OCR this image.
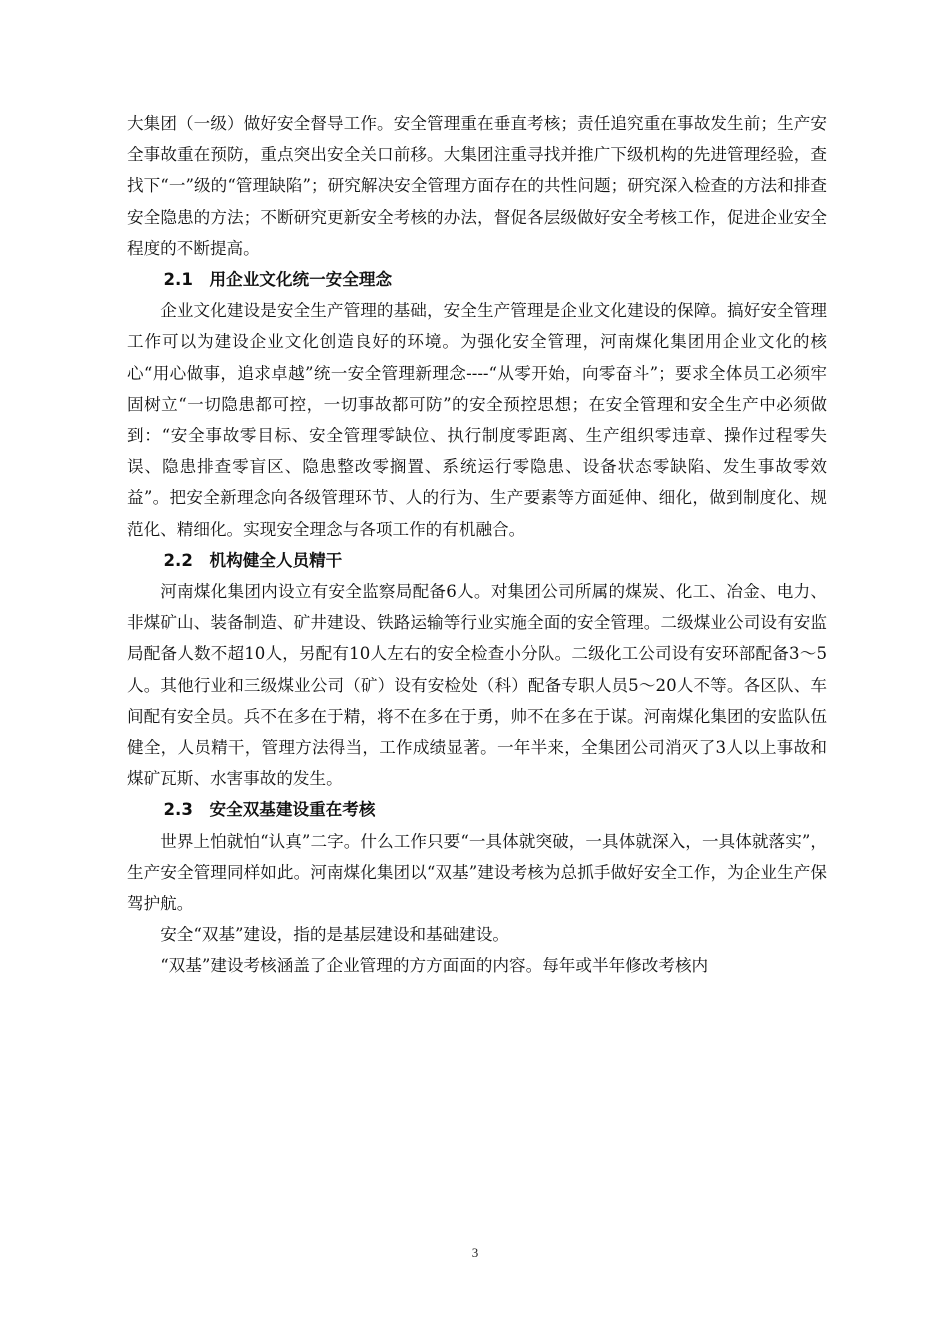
大集团（一级）做好安全督导工作。安全管理重在垂直考核；责任追究重在事故发生前；生产安全事故重在预防，重点突出安全关口前移。大集团注重寻找并推广下级机构的先进管理经验，查找下“一”级的“管理缺陷”；研究解决安全管理方面存在的共性问题；研究深入检查的方法和排查安全隐患的方法；不断研究更新安全考核的办法，督促各层级做好安全考核工作，促进企业安全程度的不断提高。

2.1 用企业文化统一安全理念

企业文化建设是安全生产管理的基础，安全生产管理是企业文化建设的保障。搞好安全管理工作可以为建设企业文化创造良好的环境。为强化安全管理，河南煤化集团用企业文化的核心“用心做事，追求卓越”统一安全管理新理念----“从零开始，向零奋斗”；要求全体员工必须牢固树立“一切隐患都可控，一切事故都可防”的安全预控思想；在安全管理和安全生产中必须做到：“安全事故零目标、安全管理零缺位、执行制度零距离、生产组织零违章、操作过程零失误、隐患排查零盲区、隐患整改零搁置、系统运行零隐患、设备状态零缺陷、发生事故零效益”。把安全新理念向各级管理环节、人的行为、生产要素等方面延伸、细化，做到制度化、规范化、精细化。实现安全理念与各项工作的有机融合。

2.2 机构健全人员精干

河南煤化集团内设立有安全监察局配备6人。对集团公司所属的煤炭、化工、冶金、电力、非煤矿山、装备制造、矿井建设、铁路运输等行业实施全面的安全管理。二级煤业公司设有安监局配备人数不超10人，另配有10人左右的安全检查小分队。二级化工公司设有安环部配备3～5人。其他行业和三级煤业公司（矿）设有安检处（科）配备专职人员5～20人不等。各区队、车间配有安全员。兵不在多在于精，将不在多在于勇，帅不在多在于谋。河南煤化集团的安监队伍健全，人员精干，管理方法得当，工作成绩显著。一年半来，全集团公司消灭了3人以上事故和煤矿瓦斯、水害事故的发生。

2.3 安全双基建设重在考核

世界上怕就怕“认真”二字。什么工作只要“一具体就突破，一具体就深入，一具体就落实”，生产安全管理同样如此。河南煤化集团以“双基”建设考核为总抓手做好安全工作，为企业生产保驾护航。

安全“双基”建设，指的是基层建设和基础建设。

“双基”建设考核涵盖了企业管理的方方面面的内容。每年或半年修改考核内

3
